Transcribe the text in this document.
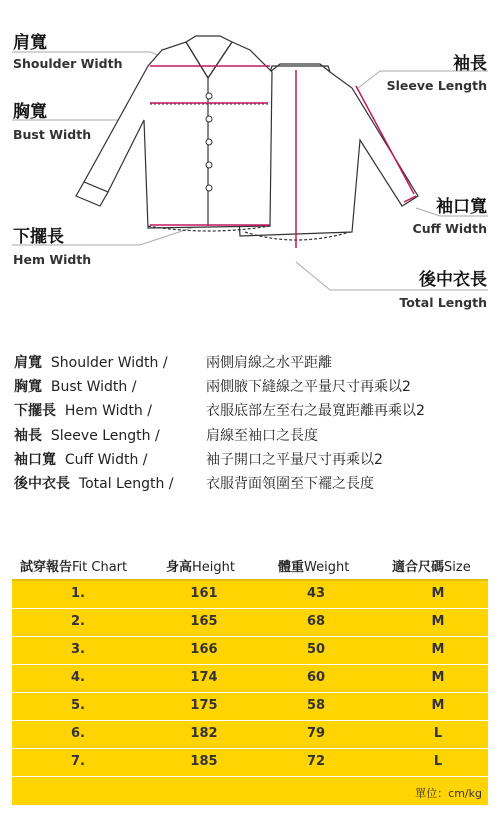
肩寬
Shoulder Width
胸寬
Bust Width
下擺長
Hem Width
袖長
Sleeve Length
袖口寬
Cuff Width
後中衣長
Total Length
肩寬 Shoulder Width /	兩側肩線之水平距離
胸寬 Bust Width /	兩側腋下縫線之平量尺寸再乘以2
下擺長 Hem Width /	衣服底部左至右之最寬距離再乘以2
袖長 Sleeve Length /	肩線至袖口之長度
袖口寬 Cuff Width /	袖子開口之平量尺寸再乘以2
後中衣長 Total Length /	衣服背面領圍至下襬之長度
試穿報告Fit Chart	身高Height	體重Weight	適合尺碼Size
1.	161	43	M
2.	165	68	M
3.	166	50	M
4.	174	60	M
5.	175	58	M
6.	182	79	L
7.	185	72	L
單位：cm/kg
